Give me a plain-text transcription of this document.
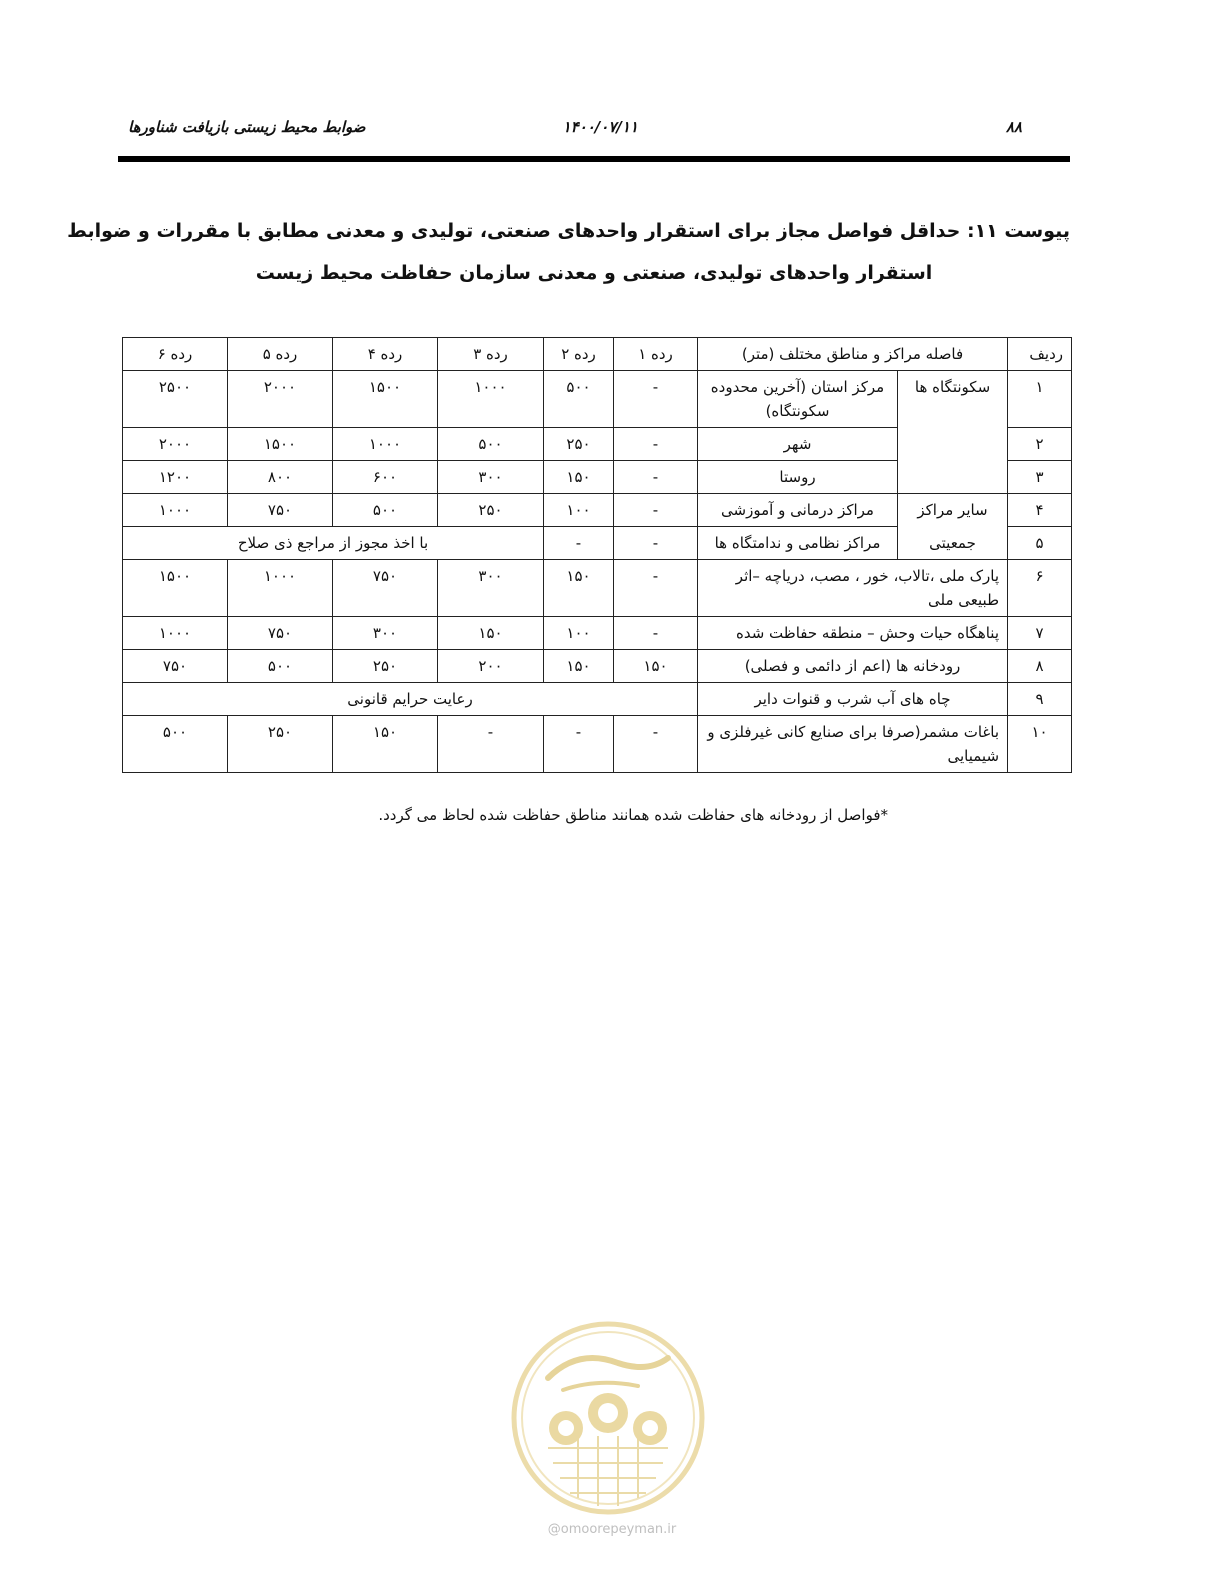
۸۸
۱۴۰۰/۰۷/۱۱
ضوابط محیط زیستی بازیافت شناورها
پیوست ۱۱: حداقل فواصل مجاز برای استقرار واحدهای صنعتی، تولیدی و معدنی مطابق با مقررات و ضوابط
استقرار واحدهای تولیدی، صنعتی و معدنی سازمان حفاظت محیط زیست
ردیف	فاصله مراکز و مناطق مختلف (متر)		رده ۱	رده ۲	رده ۳	رده ۴	رده ۵	رده ۶
۱	سکونتگاه ها	مرکز استان (آخرین محدوده سکونتگاه)	-	۵۰۰	۱۰۰۰	۱۵۰۰	۲۰۰۰	۲۵۰۰
۲		شهر	-	۲۵۰	۵۰۰	۱۰۰۰	۱۵۰۰	۲۰۰۰
۳		روستا	-	۱۵۰	۳۰۰	۶۰۰	۸۰۰	۱۲۰۰
۴	سایر مراکز	مراکز درمانی و آموزشی	-	۱۰۰	۲۵۰	۵۰۰	۷۵۰	۱۰۰۰
۵	جمعیتی	مراکز نظامی و ندامتگاه ها	-	-	با اخذ مجوز از مراجع ذی صلاح			
۶	پارک ملی ،تالاب، خور ، مصب، دریاچه –اثر طبیعی ملی		-	۱۵۰	۳۰۰	۷۵۰	۱۰۰۰	۱۵۰۰
۷	پناهگاه حیات وحش – منطقه حفاظت شده		-	۱۰۰	۱۵۰	۳۰۰	۷۵۰	۱۰۰۰
۸	رودخانه ها (اعم از دائمی و فصلی)		۱۵۰	۱۵۰	۲۰۰	۲۵۰	۵۰۰	۷۵۰
۹	چاه های آب شرب و قنوات دایر		رعایت حرایم قانونی					
۱۰	باغات مشمر(صرفا برای صنایع کانی غیرفلزی و شیمیایی		-	-	-	۱۵۰	۲۵۰	۵۰۰
*فواصل از رودخانه های حفاظت شده همانند مناطق حفاظت شده لحاظ می گردد.
@omoorepeyman.ir
